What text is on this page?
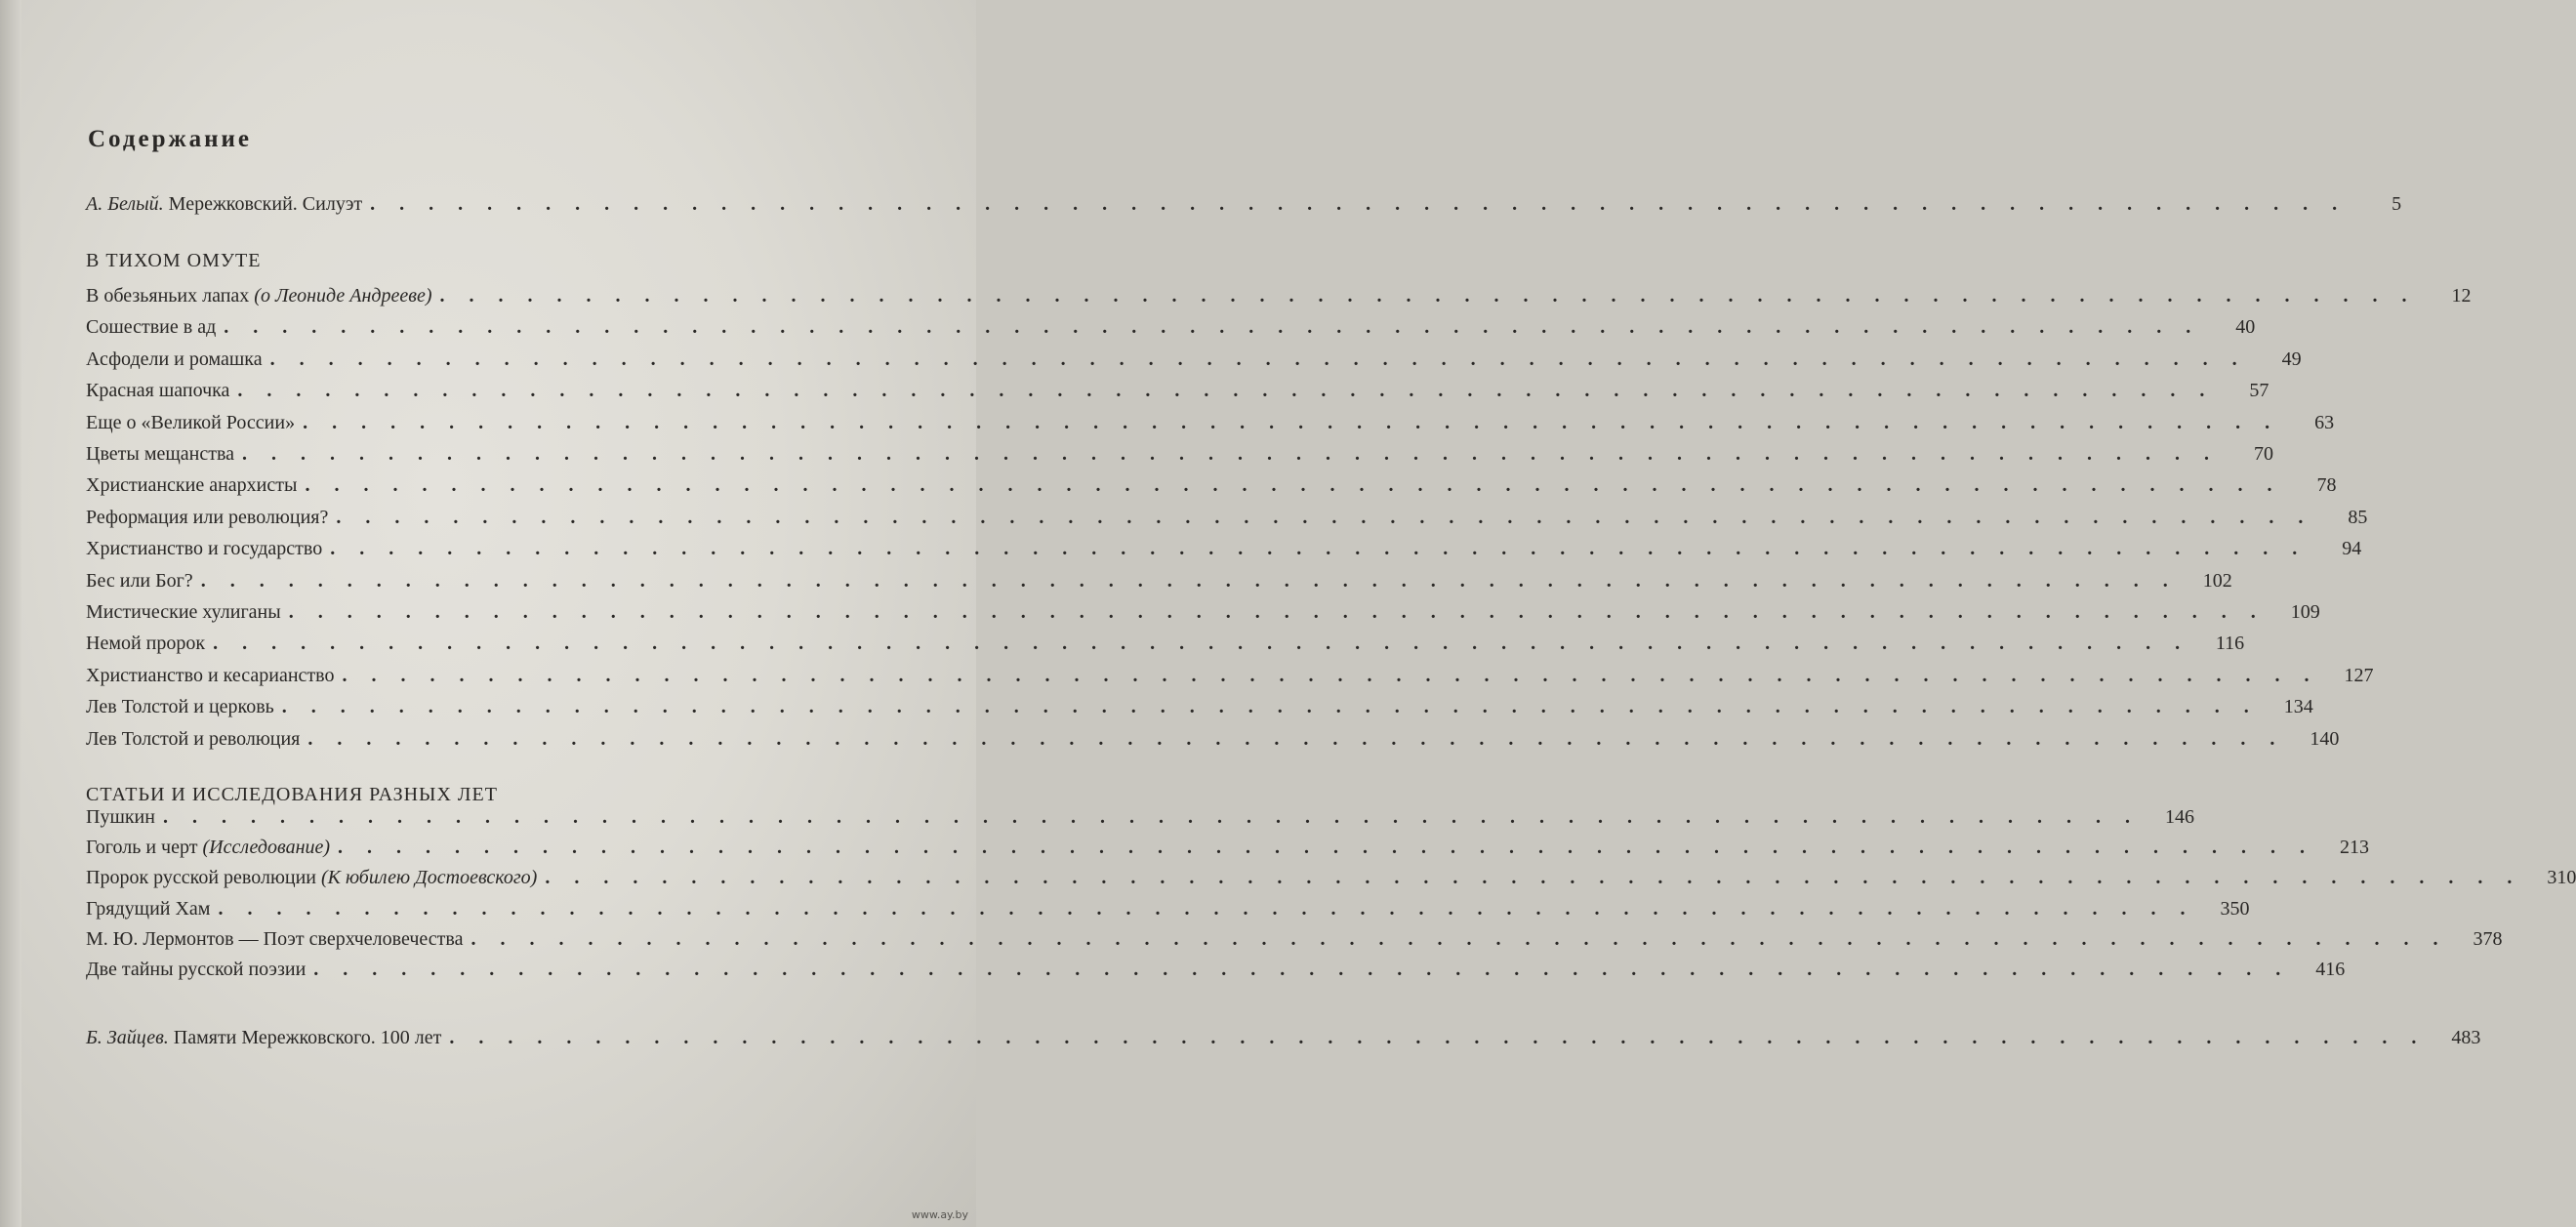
Содержание
А. Белый. Мережковский. Силуэт . . . . . . . . . . . . . . . . . . . . . . . . . . . . . . . . . . . . . . . . . . . . . . . . . . . . . . . . . . . . . . . . . . . .	5
В ТИХОМ ОМУТЕ
В обезьяньих лапах (о Леониде Андрееве) . . . . . . . . . . . . . . . . . . . . . . . . . . . . . . . . . . . . . . . . . . . . . . . . . . . . . . . . . . . . . . . . . . . .	12
Сошествие в ад . . . . . . . . . . . . . . . . . . . . . . . . . . . . . . . . . . . . . . . . . . . . . . . . . . . . . . . . . . . . . . . . . . . .	40
Асфодели и ромашка . . . . . . . . . . . . . . . . . . . . . . . . . . . . . . . . . . . . . . . . . . . . . . . . . . . . . . . . . . . . . . . . . . . .	49
Красная шапочка . . . . . . . . . . . . . . . . . . . . . . . . . . . . . . . . . . . . . . . . . . . . . . . . . . . . . . . . . . . . . . . . . . . .	57
Еще о «Великой России» . . . . . . . . . . . . . . . . . . . . . . . . . . . . . . . . . . . . . . . . . . . . . . . . . . . . . . . . . . . . . . . . . . . .	63
Цветы мещанства . . . . . . . . . . . . . . . . . . . . . . . . . . . . . . . . . . . . . . . . . . . . . . . . . . . . . . . . . . . . . . . . . . . .	70
Христианские анархисты . . . . . . . . . . . . . . . . . . . . . . . . . . . . . . . . . . . . . . . . . . . . . . . . . . . . . . . . . . . . . . . . . . . .	78
Реформация или революция? . . . . . . . . . . . . . . . . . . . . . . . . . . . . . . . . . . . . . . . . . . . . . . . . . . . . . . . . . . . . . . . . . . . .	85
Христианство и государство . . . . . . . . . . . . . . . . . . . . . . . . . . . . . . . . . . . . . . . . . . . . . . . . . . . . . . . . . . . . . . . . . . . .	94
Бес или Бог? . . . . . . . . . . . . . . . . . . . . . . . . . . . . . . . . . . . . . . . . . . . . . . . . . . . . . . . . . . . . . . . . . . . .	102
Мистические хулиганы . . . . . . . . . . . . . . . . . . . . . . . . . . . . . . . . . . . . . . . . . . . . . . . . . . . . . . . . . . . . . . . . . . . .	109
Немой пророк . . . . . . . . . . . . . . . . . . . . . . . . . . . . . . . . . . . . . . . . . . . . . . . . . . . . . . . . . . . . . . . . . . . .	116
Христианство и кесарианство . . . . . . . . . . . . . . . . . . . . . . . . . . . . . . . . . . . . . . . . . . . . . . . . . . . . . . . . . . . . . . . . . . . .	127
Лев Толстой и церковь . . . . . . . . . . . . . . . . . . . . . . . . . . . . . . . . . . . . . . . . . . . . . . . . . . . . . . . . . . . . . . . . . . . .	134
Лев Толстой и революция . . . . . . . . . . . . . . . . . . . . . . . . . . . . . . . . . . . . . . . . . . . . . . . . . . . . . . . . . . . . . . . . . . . .	140
СТАТЬИ И ИССЛЕДОВАНИЯ РАЗНЫХ ЛЕТ
Пушкин . . . . . . . . . . . . . . . . . . . . . . . . . . . . . . . . . . . . . . . . . . . . . . . . . . . . . . . . . . . . . . . . . . . .	146
Гоголь и черт (Исследование) . . . . . . . . . . . . . . . . . . . . . . . . . . . . . . . . . . . . . . . . . . . . . . . . . . . . . . . . . . . . . . . . . . . .	213
Пророк русской революции (К юбилею Достоевского) . . . . . . . . . . . . . . . . . . . . . . . . . . . . . . . . . . . . . . . . . . . . . . . . . . . . . . . . . . . . . . . . . . . .	310
Грядущий Хам . . . . . . . . . . . . . . . . . . . . . . . . . . . . . . . . . . . . . . . . . . . . . . . . . . . . . . . . . . . . . . . . . . . .	350
М. Ю. Лермонтов — Поэт сверхчеловечества . . . . . . . . . . . . . . . . . . . . . . . . . . . . . . . . . . . . . . . . . . . . . . . . . . . . . . . . . . . . . . . . . . . .	378
Две тайны русской поэзии . . . . . . . . . . . . . . . . . . . . . . . . . . . . . . . . . . . . . . . . . . . . . . . . . . . . . . . . . . . . . . . . . . . .	416
Б. Зайцев. Памяти Мережковского. 100 лет . . . . . . . . . . . . . . . . . . . . . . . . . . . . . . . . . . . . . . . . . . . . . . . . . . . . . . . . . . . . . . . . . . . .	483
www.ay.by
